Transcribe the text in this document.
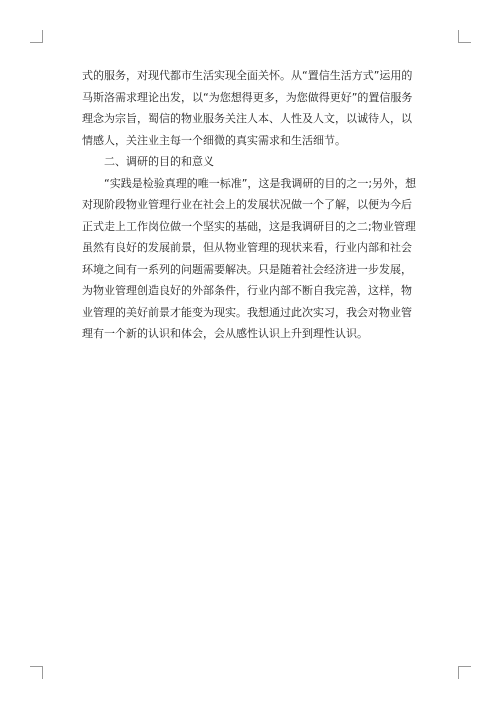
式的服务，对现代都市生活实现全面关怀。从“置信生活方式”运用的马斯洛需求理论出发，以“为您想得更多，为您做得更好”的置信服务理念为宗旨，蜀信的物业服务关注人本、人性及人文，以诚待人，以情感人，关注业主每一个细微的真实需求和生活细节。

二、调研的目的和意义

“实践是检验真理的唯一标准”，这是我调研的目的之一;另外，想对现阶段物业管理行业在社会上的发展状况做一个了解，以便为今后正式走上工作岗位做一个坚实的基础，这是我调研目的之二;物业管理虽然有良好的发展前景，但从物业管理的现状来看，行业内部和社会环境之间有一系列的问题需要解决。只是随着社会经济进一步发展，为物业管理创造良好的外部条件，行业内部不断自我完善，这样，物业管理的美好前景才能变为现实。我想通过此次实习，我会对物业管理有一个新的认识和体会，会从感性认识上升到理性认识。
